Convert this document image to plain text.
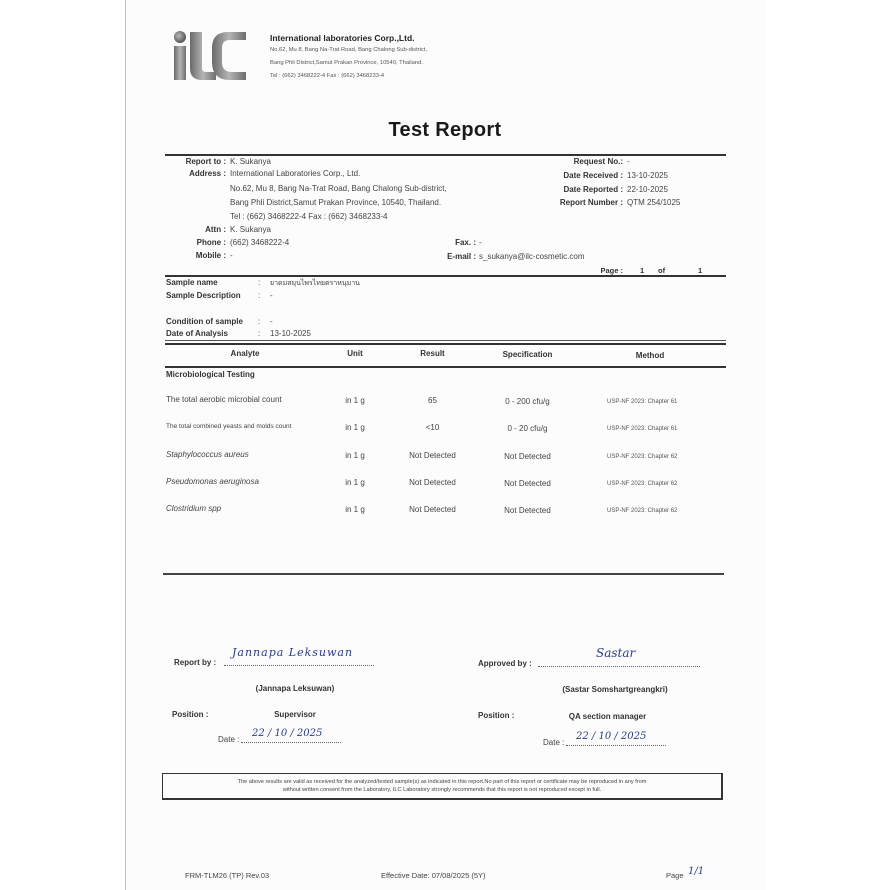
International laboratories Corp.,Ltd.
No.62, Mu 8, Bang Na-Trat Road, Bang Chalong Sub-district,
Bang Phli District,Samut Prakan Province, 10540, Thailand.
Tel : (662) 3468222-4 Fax : (662) 3468233-4
Test Report
Report to : K. Sukanya
Address : International Laboratories Corp., Ltd.
No.62, Mu 8, Bang Na-Trat Road, Bang Chalong Sub-district,
Bang Phli District,Samut Prakan Province, 10540, Thailand.
Tel : (662) 3468222-4 Fax : (662) 3468233-4
Attn : K. Sukanya
Phone : (662) 3468222-4
Mobile : -
Fax. : -
E-mail : s_sukanya@ilc-cosmetic.com
Request No.: -
Date Received : 13-10-2025
Date Reported : 22-10-2025
Report Number : QTM 254/1025
Page : 1 of	1
Sample name	: ยาดมสมุนไพรไทยตราหนุมาน
Sample Description : -
Condition of sample : -
Date of Analysis	: 13-10-2025
Analyte	Unit	Result	Specification	Method
Microbiological Testing
The total aerobic microbial count	in 1 g	65	0 - 200 cfu/g	USP-NF 2023: Chapter 61
The total combined yeasts and molds count	in 1 g	<10	0 - 20 cfu/g	USP-NF 2023: Chapter 61
Staphylococcus aureus	in 1 g	Not Detected	Not Detected	USP-NF 2023: Chapter 62
Pseudomonas aeruginosa	in 1 g	Not Detected	Not Detected	USP-NF 2023: Chapter 62
Clostridium spp	in 1 g	Not Detected	Not Detected	USP-NF 2023: Chapter 62
Report by :
Jannapa Leksuwan
(Jannapa Leksuwan)
Position :	Supervisor
Date :
22 / 10 / 2025
Approved by :
Sastar
(Sastar Somshartgreangkri)
Position :	QA section manager
Date :
22 / 10 / 2025
The above results are valid as received for the analyzed/tested sample(s) as indicated in this report.No part of this report or certificate may be reproduced in any from
without written consent from the Laboratory, ILC Laboratory strongly recommends that this report is not reproduced except in full.
FRM-TLM26 (TP) Rev.03	Effective Date: 07/08/2025 (5Y)	Page 1/1
